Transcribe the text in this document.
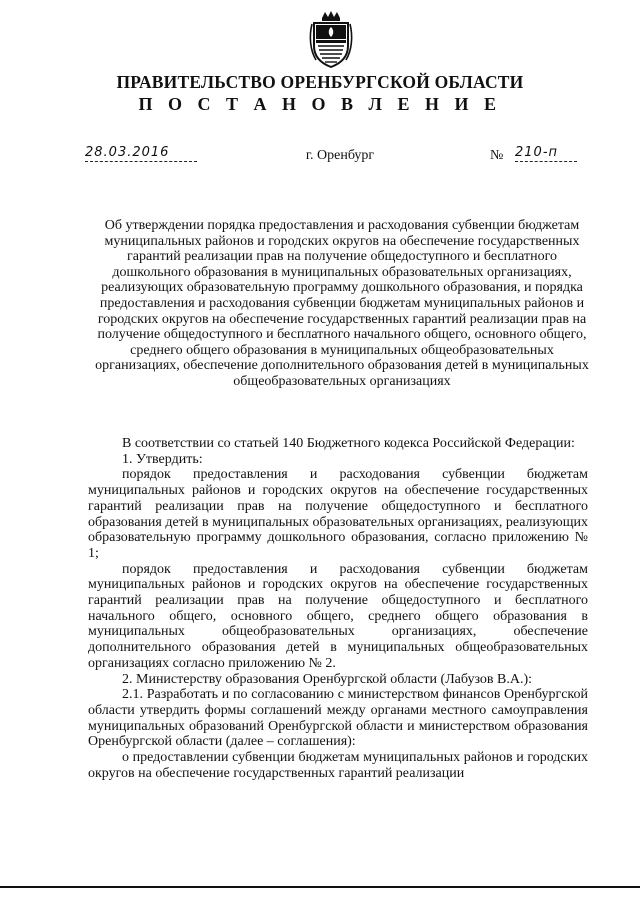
ПРАВИТЕЛЬСТВО ОРЕНБУРГСКОЙ ОБЛАСТИ
П О С Т А Н О В Л Е Н И Е
28.03.2016	г. Оренбург	№ 210-п
Об утверждении порядка предоставления и расходования субвенции бюджетам муниципальных районов и городских округов на обеспечение государственных гарантий реализации прав на получение общедоступного и бесплатного дошкольного образования в муниципальных образовательных организациях, реализующих образовательную программу дошкольного образования, и порядка предоставления и расходования субвенции бюджетам муниципальных районов и городских округов на обеспечение государственных гарантий реализации прав на получение общедоступного и бесплатного начального общего, основного общего, среднего общего образования в муниципальных общеобразовательных организациях, обеспечение дополнительного образования детей в муниципальных общеобразовательных организациях

В соответствии со статьей 140 Бюджетного кодекса Российской Федерации:

1. Утвердить:

порядок предоставления и расходования субвенции бюджетам муниципальных районов и городских округов на обеспечение государственных гарантий реализации прав на получение общедоступного и бесплатного образования детей в муниципальных образовательных организациях, реализующих образовательную программу дошкольного образования, согласно приложению № 1;

порядок предоставления и расходования субвенции бюджетам муниципальных районов и городских округов на обеспечение государственных гарантий реализации прав на получение общедоступного и бесплатного начального общего, основного общего, среднего общего образования в муниципальных общеобразовательных организациях, обеспечение дополнительного образования детей в муниципальных общеобразовательных организациях согласно приложению № 2.

2. Министерству образования Оренбургской области (Лабузов В.А.):

2.1. Разработать и по согласованию с министерством финансов Оренбургской области утвердить формы соглашений между органами местного самоуправления муниципальных образований Оренбургской области и министерством образования Оренбургской области (далее – соглашения):

о предоставлении субвенции бюджетам муниципальных районов и городских округов на обеспечение государственных гарантий реализации
